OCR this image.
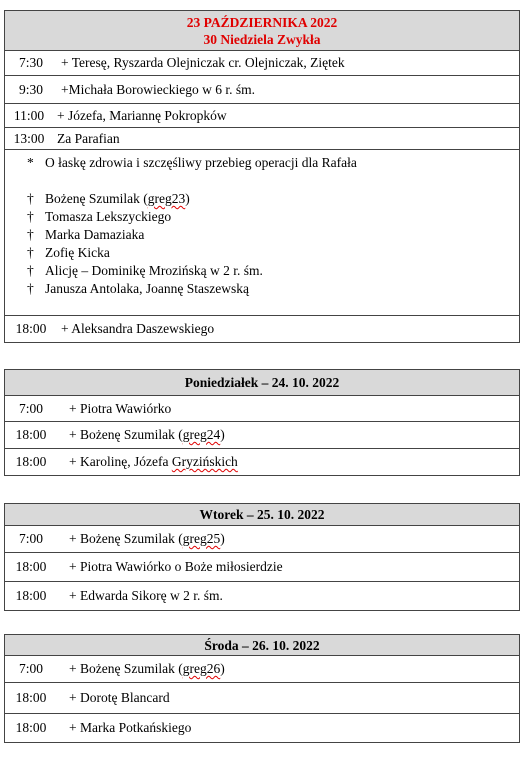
23 PAŹDZIERNIKA 2022
30 Niedziela Zwykła
7:30	+ Teresę, Ryszarda Olejniczak cr. Olejniczak, Ziętek
9:30	+Michała Borowieckiego w 6 r. śm.
11:00 + Józefa, Mariannę Pokropków
13:00 Za Parafian
* O łaskę zdrowia i szczęśliwy przebieg operacji dla Rafała
† Bożenę Szumilak (greg23)
† Tomasza Lekszyckiego
† Marka Damaziaka
† Zofię Kicka
† Alicję – Dominikę Mrozińską w 2 r. śm.
† Janusza Antolaka, Joannę Staszewską
18:00	+ Aleksandra Daszewskiego
Poniedziałek – 24. 10. 2022
7:00	+ Piotra Wawiórko
18:00	+ Bożenę Szumilak (greg24)
18:00	+ Karolinę, Józefa Gryzińskich
Wtorek – 25. 10. 2022
7:00	+ Bożenę Szumilak (greg25)
18:00	+ Piotra Wawiórko o Boże miłosierdzie
18:00	+ Edwarda Sikorę w 2 r. śm.
Środa – 26. 10. 2022
7:00	+ Bożenę Szumilak (greg26)
18:00	+ Dorotę Blancard
18:00	+ Marka Potkańskiego
